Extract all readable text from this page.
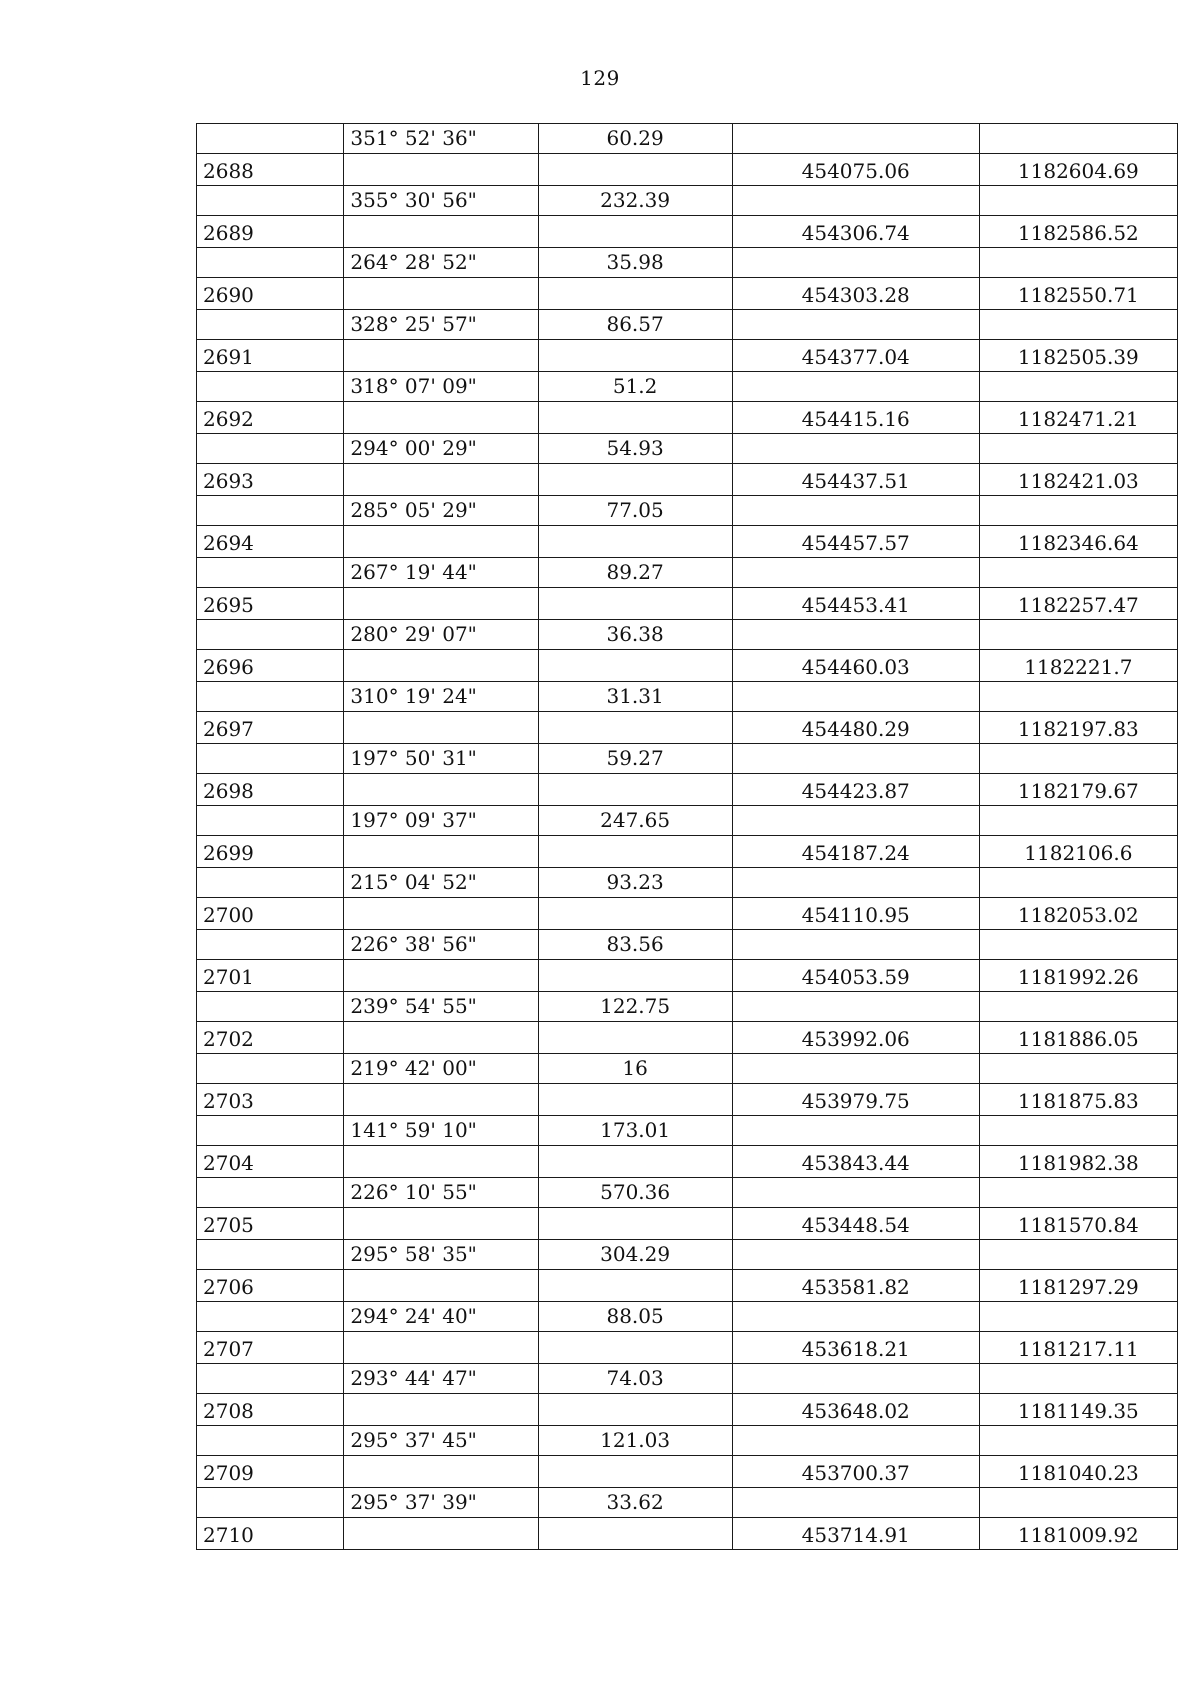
129
	351° 52' 36"	60.29		
2688			454075.06	1182604.69
	355° 30' 56"	232.39		
2689			454306.74	1182586.52
	264° 28' 52"	35.98		
2690			454303.28	1182550.71
	328° 25' 57"	86.57		
2691			454377.04	1182505.39
	318° 07' 09"	51.2		
2692			454415.16	1182471.21
	294° 00' 29"	54.93		
2693			454437.51	1182421.03
	285° 05' 29"	77.05		
2694			454457.57	1182346.64
	267° 19' 44"	89.27		
2695			454453.41	1182257.47
	280° 29' 07"	36.38		
2696			454460.03	1182221.7
	310° 19' 24"	31.31		
2697			454480.29	1182197.83
	197° 50' 31"	59.27		
2698			454423.87	1182179.67
	197° 09' 37"	247.65		
2699			454187.24	1182106.6
	215° 04' 52"	93.23		
2700			454110.95	1182053.02
	226° 38' 56"	83.56		
2701			454053.59	1181992.26
	239° 54' 55"	122.75		
2702			453992.06	1181886.05
	219° 42' 00"	16		
2703			453979.75	1181875.83
	141° 59' 10"	173.01		
2704			453843.44	1181982.38
	226° 10' 55"	570.36		
2705			453448.54	1181570.84
	295° 58' 35"	304.29		
2706			453581.82	1181297.29
	294° 24' 40"	88.05		
2707			453618.21	1181217.11
	293° 44' 47"	74.03		
2708			453648.02	1181149.35
	295° 37' 45"	121.03		
2709			453700.37	1181040.23
	295° 37' 39"	33.62		
2710			453714.91	1181009.92
